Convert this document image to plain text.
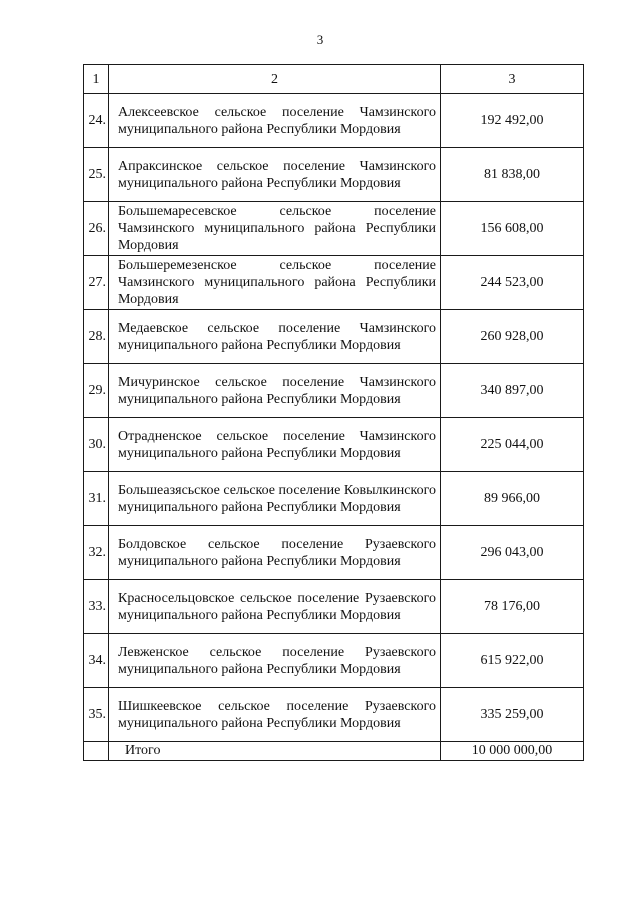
3
1	2	3
24.	Алексеевское сельское поселение Чамзинского муниципального района Республики Мордовия	192 492,00
25.	Апраксинское сельское поселение Чамзинского муниципального района Республики Мордовия	81 838,00
26.	Большемаресевское сельское поселение Чамзинского муниципального района Республики Мордовия	156 608,00
27.	Большеремезенское сельское поселение Чамзинского муниципального района Республики Мордовия	244 523,00
28.	Медаевское сельское поселение Чамзинского муниципального района Республики Мордовия	260 928,00
29.	Мичуринское сельское поселение Чамзинского муниципального района Республики Мордовия	340 897,00
30.	Отрадненское сельское поселение Чамзинского муниципального района Республики Мордовия	225 044,00
31.	Большеазясьское сельское поселение Ковылкинского муниципального района Республики Мордовия	89 966,00
32.	Болдовское сельское поселение Рузаевского муниципального района Республики Мордовия	296 043,00
33.	Красносельцовское сельское поселение Рузаевского муниципального района Республики Мордовия	78 176,00
34.	Левженское сельское поселение Рузаевского муниципального района Республики Мордовия	615 922,00
35.	Шишкеевское сельское поселение Рузаевского муниципального района Республики Мордовия	335 259,00
	Итого	10 000 000,00
